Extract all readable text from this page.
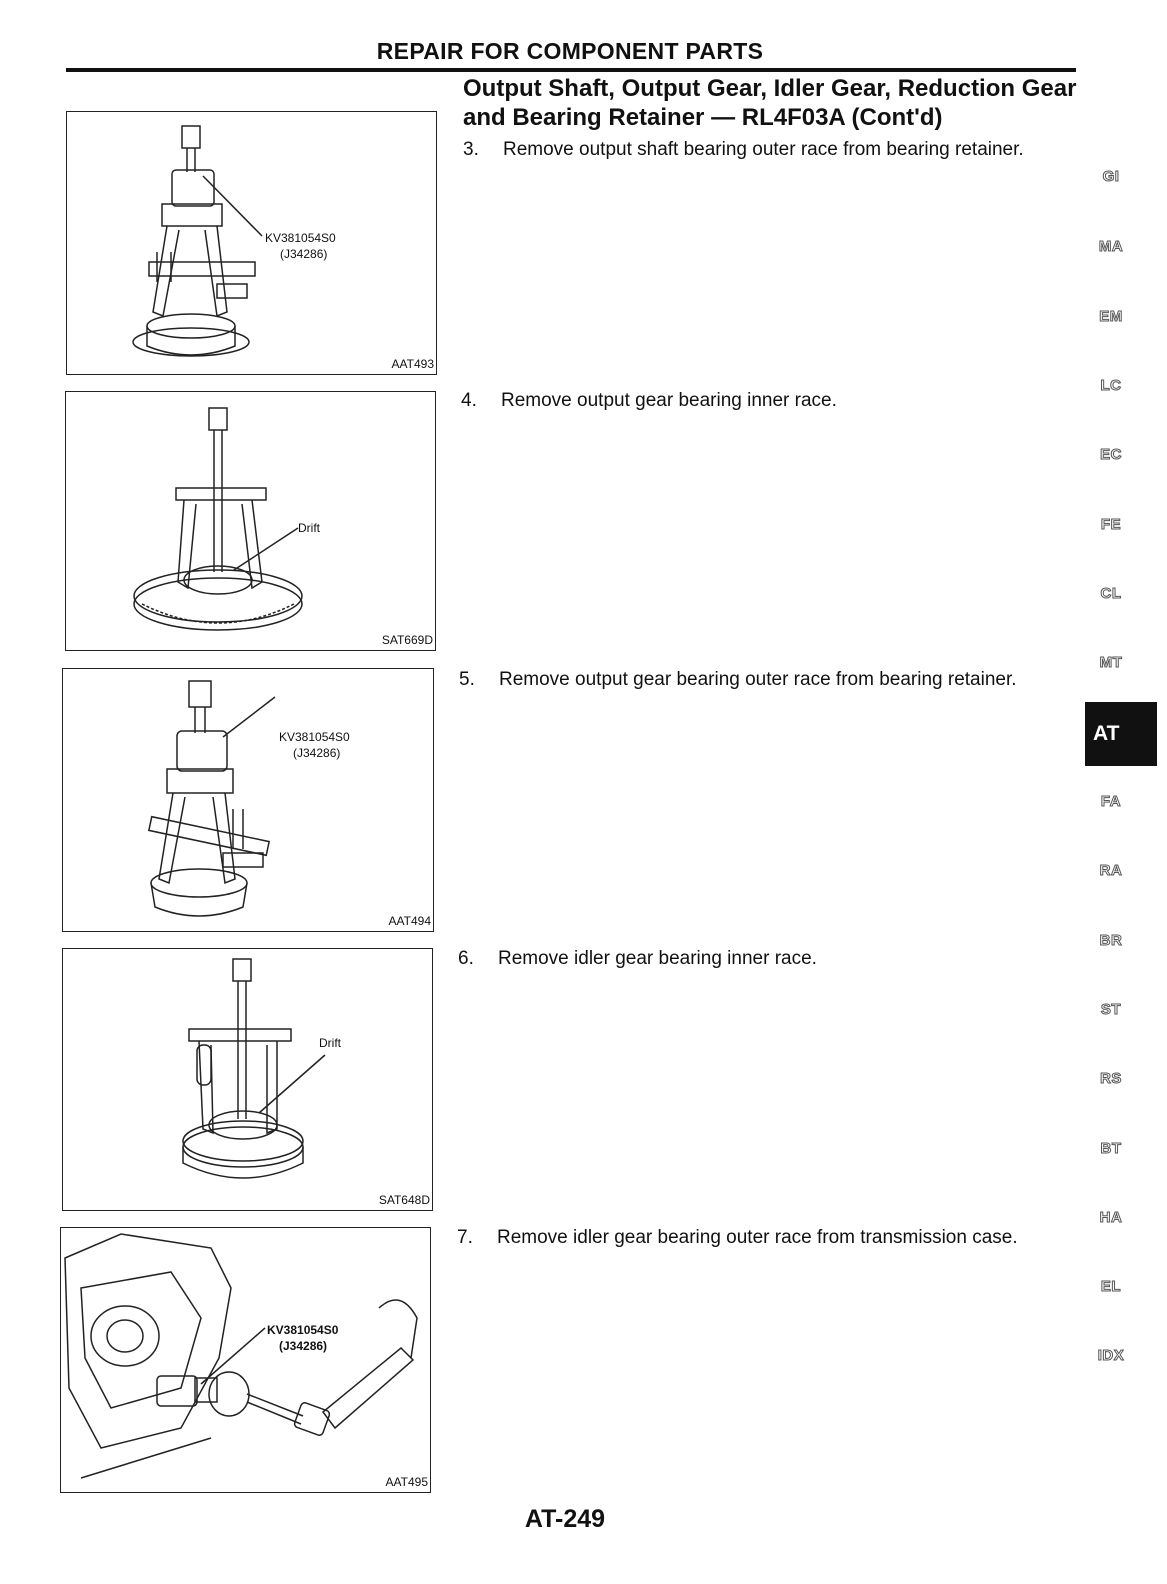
REPAIR FOR COMPONENT PARTS
Output Shaft, Output Gear, Idler Gear, Reduction Gear and Bearing Retainer — RL4F03A (Cont'd)
KV381054S0
(J34286)
AAT493
Drift
SAT669D
KV381054S0
(J34286)
AAT494
Drift
SAT648D
KV381054S0
(J34286)
AAT495
3. Remove output shaft bearing outer race from bearing retainer.
4. Remove output gear bearing inner race.
5. Remove output gear bearing outer race from bearing retainer.
6. Remove idler gear bearing inner race.
7. Remove idler gear bearing outer race from transmission case.
GI
MA
EM
LC
EC
FE
CL
MT
AT
FA
RA
BR
ST
RS
BT
HA
EL
IDX
AT-249
